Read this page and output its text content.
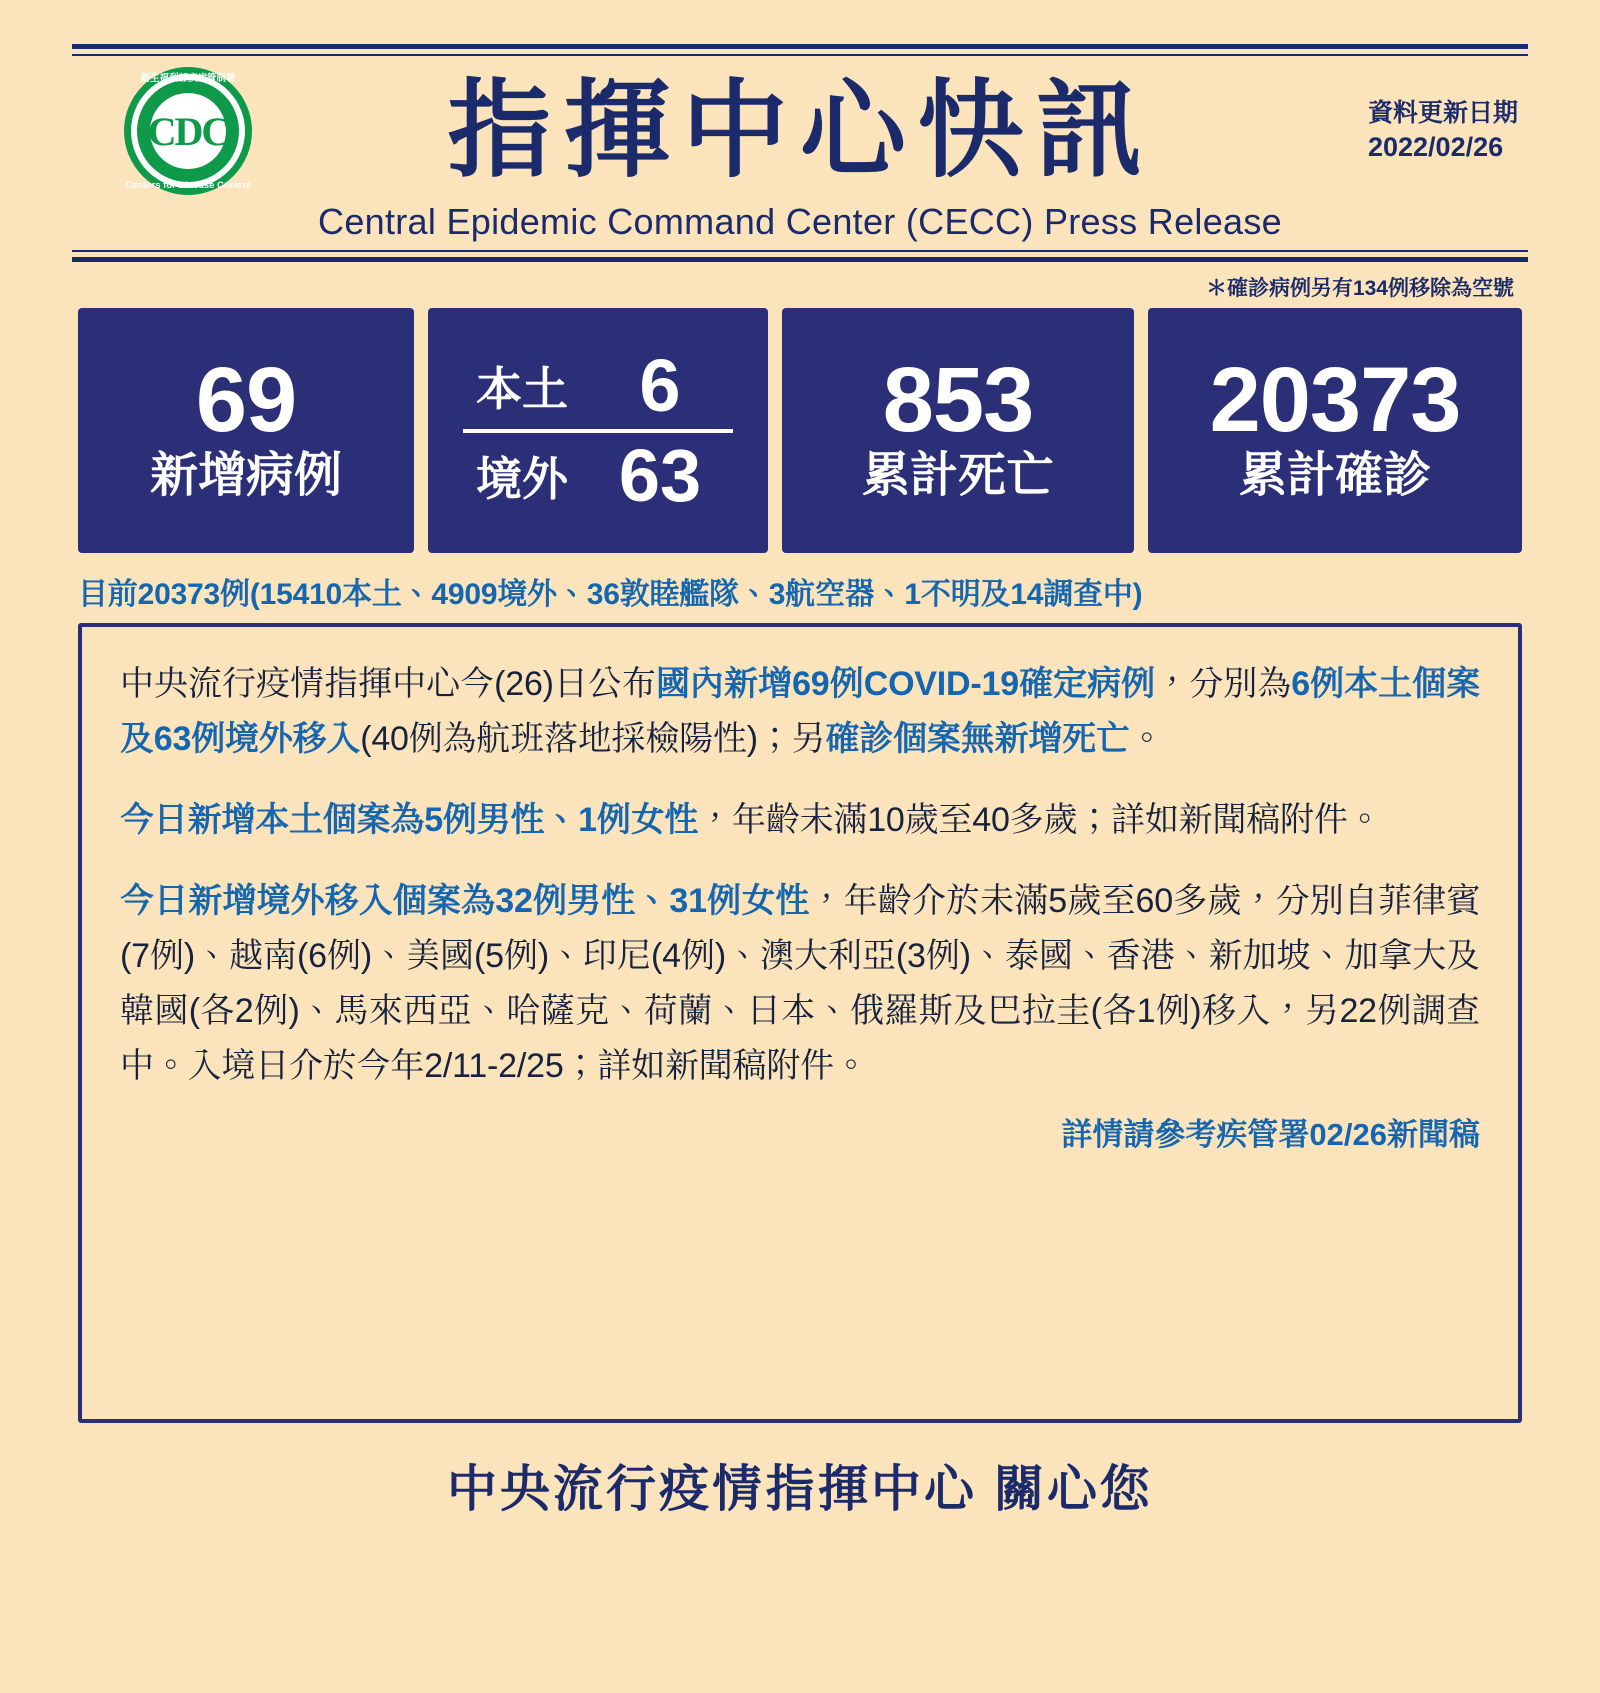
CDC
衛生福利部疾病管制署
Centers for Disease Control	指揮中心快訊	資料更新日期
2022/02/26
Central Epidemic Command Center (CECC) Press Release
＊確診病例另有134例移除為空號
69
新增病例
本土 6
境外 63
853
累計死亡
20373
累計確診
目前20373例(15410本土、4909境外、36敦睦艦隊、3航空器、1不明及14調查中)
中央流行疫情指揮中心今(26)日公布國內新增69例COVID-19確定病例，分別為6例本土個案及63例境外移入(40例為航班落地採檢陽性)；另確診個案無新增死亡。
今日新增本土個案為5例男性、1例女性，年齡未滿10歲至40多歲；詳如新聞稿附件。
今日新增境外移入個案為32例男性、31例女性，年齡介於未滿5歲至60多歲，分別自菲律賓(7例)、越南(6例)、美國(5例)、印尼(4例)、澳大利亞(3例)、泰國、香港、新加坡、加拿大及韓國(各2例)、馬來西亞、哈薩克、荷蘭、日本、俄羅斯及巴拉圭(各1例)移入，另22例調查中。入境日介於今年2/11-2/25；詳如新聞稿附件。
詳情請參考疾管署02/26新聞稿
中央流行疫情指揮中心 關心您
